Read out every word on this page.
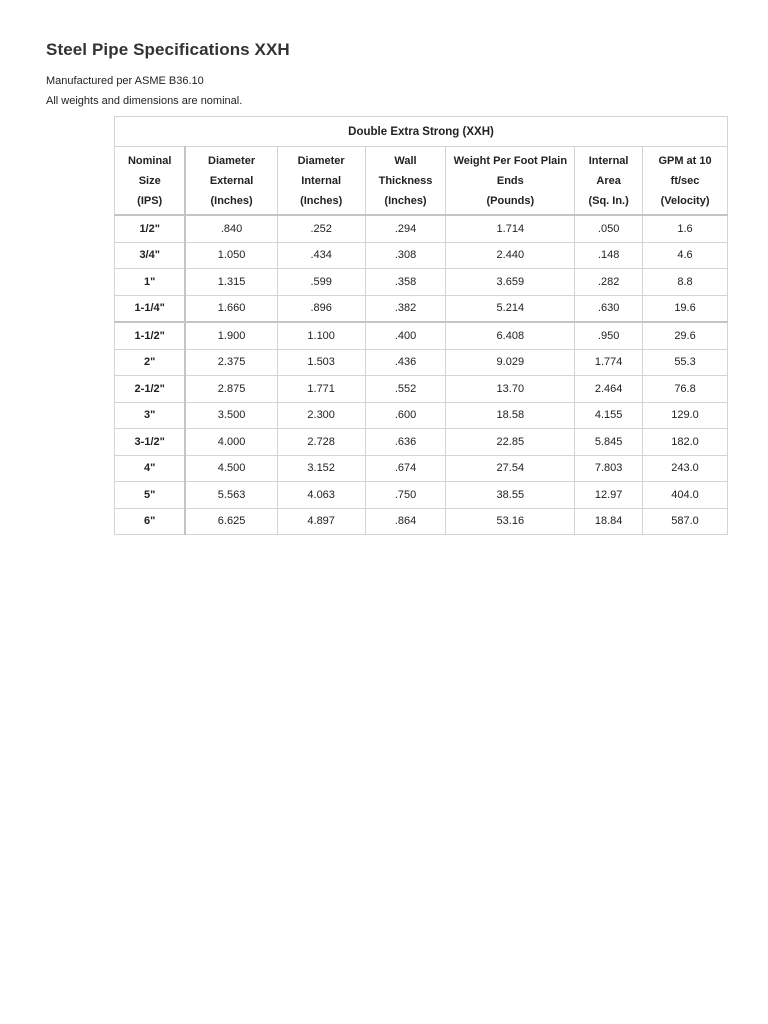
Steel Pipe Specifications XXH

Manufactured per ASME B36.10

All weights and dimensions are nominal.

Double Extra Strong (XXH)						

Nominal
Size
(IPS)	Diameter
External
(Inches)	Diameter
Internal
(Inches)	Wall
Thickness
(Inches)	Weight Per Foot Plain
Ends
(Pounds)	Internal
Area
(Sq. In.)	GPM at 10
ft/sec
(Velocity)

1/2"	.840	.252	.294	1.714	.050	1.6
3/4"	1.050	.434	.308	2.440	.148	4.6
1"	1.315	.599	.358	3.659	.282	8.8
1-1/4"	1.660	.896	.382	5.214	.630	19.6
1-1/2"	1.900	1.100	.400	6.408	.950	29.6
2"	2.375	1.503	.436	9.029	1.774	55.3
2-1/2"	2.875	1.771	.552	13.70	2.464	76.8
3"	3.500	2.300	.600	18.58	4.155	129.0
3-1/2"	4.000	2.728	.636	22.85	5.845	182.0
4"	4.500	3.152	.674	27.54	7.803	243.0
5"	5.563	4.063	.750	38.55	12.97	404.0
6"	6.625	4.897	.864	53.16	18.84	587.0
